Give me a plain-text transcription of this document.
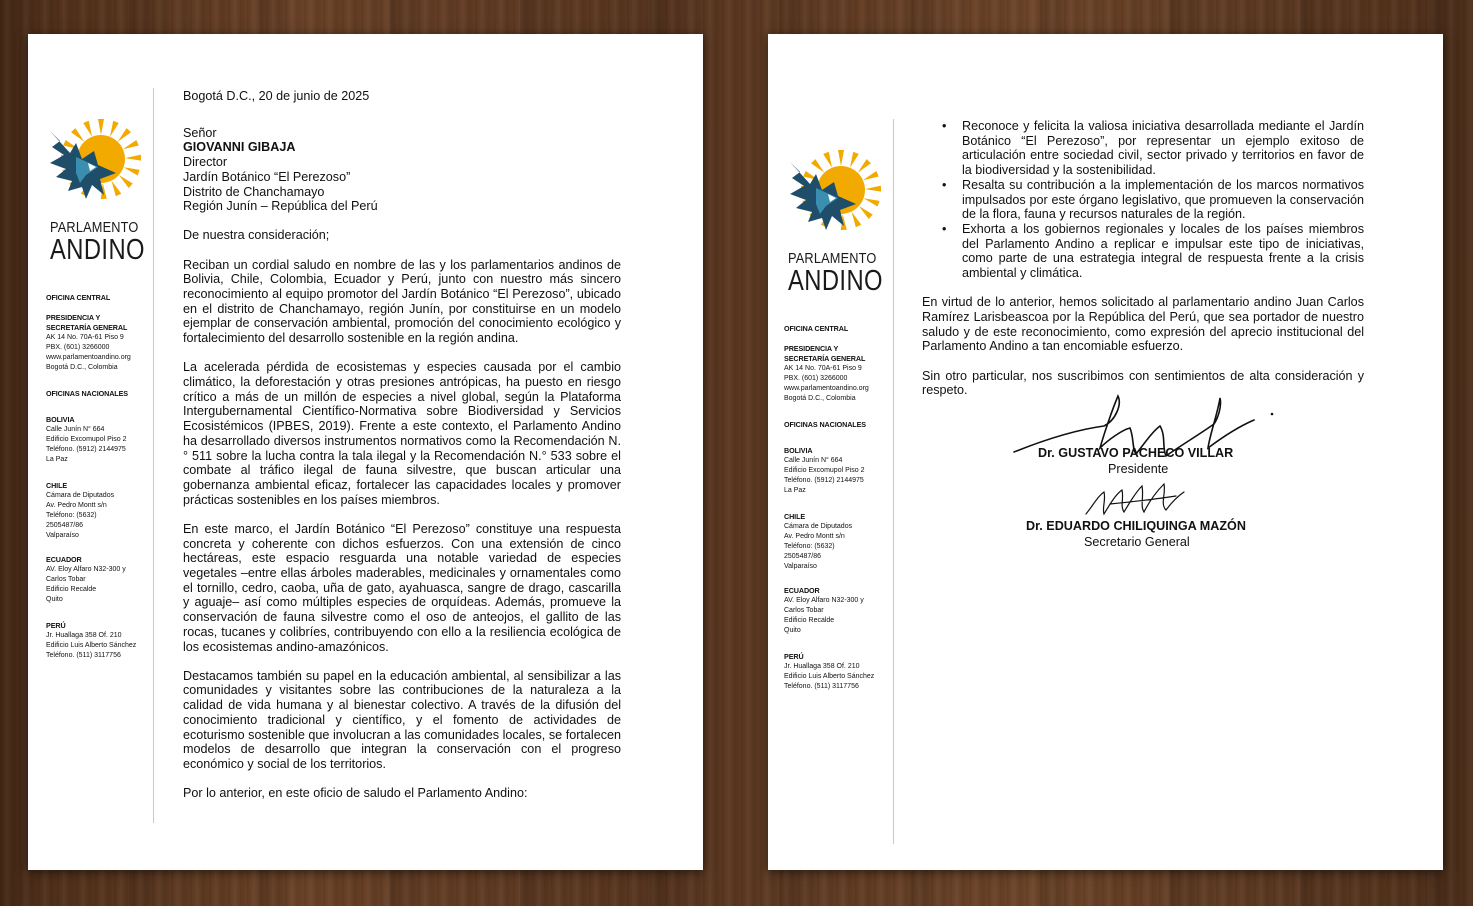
PARLAMENTO
ANDINO
OFICINA CENTRAL
PRESIDENCIA Y
SECRETARÍA GENERAL
AK 14 No. 70A-61 Piso 9
PBX. (601) 3266000
www.parlamentoandino.org
Bogotá D.C., Colombia
OFICINAS NACIONALES
BOLIVIA
Calle Junín N° 664
Edificio Excomupol Piso 2
Teléfono. (5912) 2144975
La Paz
CHILE
Cámara de Diputados
Av. Pedro Montt s/n
Teléfono: (5632)
2505487/86
Valparaíso
ECUADOR
AV. Eloy Alfaro N32-300 y
Carlos Tobar
Edificio Recalde
Quito
PERÚ
Jr. Huallaga 358 Of. 210
Edificio Luis Alberto Sánchez
Teléfono. (511) 3117756

Bogotá D.C., 20 de junio de 2025

Señor
GIOVANNI GIBAJA
Director
Jardín Botánico “El Perezoso”
Distrito de Chanchamayo
Región Junín – República del Perú

De nuestra consideración;

Reciban un cordial saludo en nombre de las y los parlamentarios andinos de Bolivia, Chile, Colombia, Ecuador y Perú, junto con nuestro más sincero reconocimiento al equipo promotor del Jardín Botánico “El Perezoso”, ubicado en el distrito de Chanchamayo, región Junín, por constituirse en un modelo ejemplar de conservación ambiental, promoción del conocimiento ecológico y fortalecimiento del desarrollo sostenible en la región andina.

La acelerada pérdida de ecosistemas y especies causada por el cambio climático, la deforestación y otras presiones antrópicas, ha puesto en riesgo crítico a más de un millón de especies a nivel global, según la Plataforma Intergubernamental Científico-Normativa sobre Biodiversidad y Servicios Ecosistémicos (IPBES, 2019). Frente a este contexto, el Parlamento Andino ha desarrollado diversos instrumentos normativos como la Recomendación N.° 511 sobre la lucha contra la tala ilegal y la Recomendación N.° 533 sobre el combate al tráfico ilegal de fauna silvestre, que buscan articular una gobernanza ambiental eficaz, fortalecer las capacidades locales y promover prácticas sostenibles en los países miembros.

En este marco, el Jardín Botánico “El Perezoso” constituye una respuesta concreta y coherente con dichos esfuerzos. Con una extensión de cinco hectáreas, este espacio resguarda una notable variedad de especies vegetales –entre ellas árboles maderables, medicinales y ornamentales como el tornillo, cedro, caoba, uña de gato, ayahuasca, sangre de drago, cascarilla y aguaje– así como múltiples especies de orquídeas. Además, promueve la conservación de fauna silvestre como el oso de anteojos, el gallito de las rocas, tucanes y colibríes, contribuyendo con ello a la resiliencia ecológica de los ecosistemas andino-amazónicos.

Destacamos también su papel en la educación ambiental, al sensibilizar a las comunidades y visitantes sobre las contribuciones de la naturaleza a la calidad de vida humana y al bienestar colectivo. A través de la difusión del conocimiento tradicional y científico, y el fomento de actividades de ecoturismo sostenible que involucran a las comunidades locales, se fortalecen modelos de desarrollo que integran la conservación con el progreso económico y social de los territorios.

Por lo anterior, en este oficio de saludo el Parlamento Andino:

PARLAMENTO
ANDINO
OFICINA CENTRAL
PRESIDENCIA Y
SECRETARÍA GENERAL
AK 14 No. 70A-61 Piso 9
PBX. (601) 3266000
www.parlamentoandino.org
Bogotá D.C., Colombia
OFICINAS NACIONALES
BOLIVIA
Calle Junín N° 664
Edificio Excomupol Piso 2
Teléfono. (5912) 2144975
La Paz
CHILE
Cámara de Diputados
Av. Pedro Montt s/n
Teléfono: (5632)
2505487/86
Valparaíso
ECUADOR
AV. Eloy Alfaro N32-300 y
Carlos Tobar
Edificio Recalde
Quito
PERÚ
Jr. Huallaga 358 Of. 210
Edificio Luis Alberto Sánchez
Teléfono. (511) 3117756
• Reconoce y felicita la valiosa iniciativa desarrollada mediante el Jardín Botánico “El Perezoso”, por representar un ejemplo exitoso de articulación entre sociedad civil, sector privado y territorios en favor de la biodiversidad y la sostenibilidad.
• Resalta su contribución a la implementación de los marcos normativos impulsados por este órgano legislativo, que promueven la conservación de la flora, fauna y recursos naturales de la región.
• Exhorta a los gobiernos regionales y locales de los países miembros del Parlamento Andino a replicar e impulsar este tipo de iniciativas, como parte de una estrategia integral de respuesta frente a la crisis ambiental y climática.

En virtud de lo anterior, hemos solicitado al parlamentario andino Juan Carlos Ramírez Larisbeascoa por la República del Perú, que sea portador de nuestro saludo y de este reconocimiento, como expresión del aprecio institucional del Parlamento Andino a tan encomiable esfuerzo.

Sin otro particular, nos suscribimos con sentimientos de alta consideración y respeto.

Dr. GUSTAVO PACHECO VILLAR
Presidente
Dr. EDUARDO CHILIQUINGA MAZÓN
Secretario General
